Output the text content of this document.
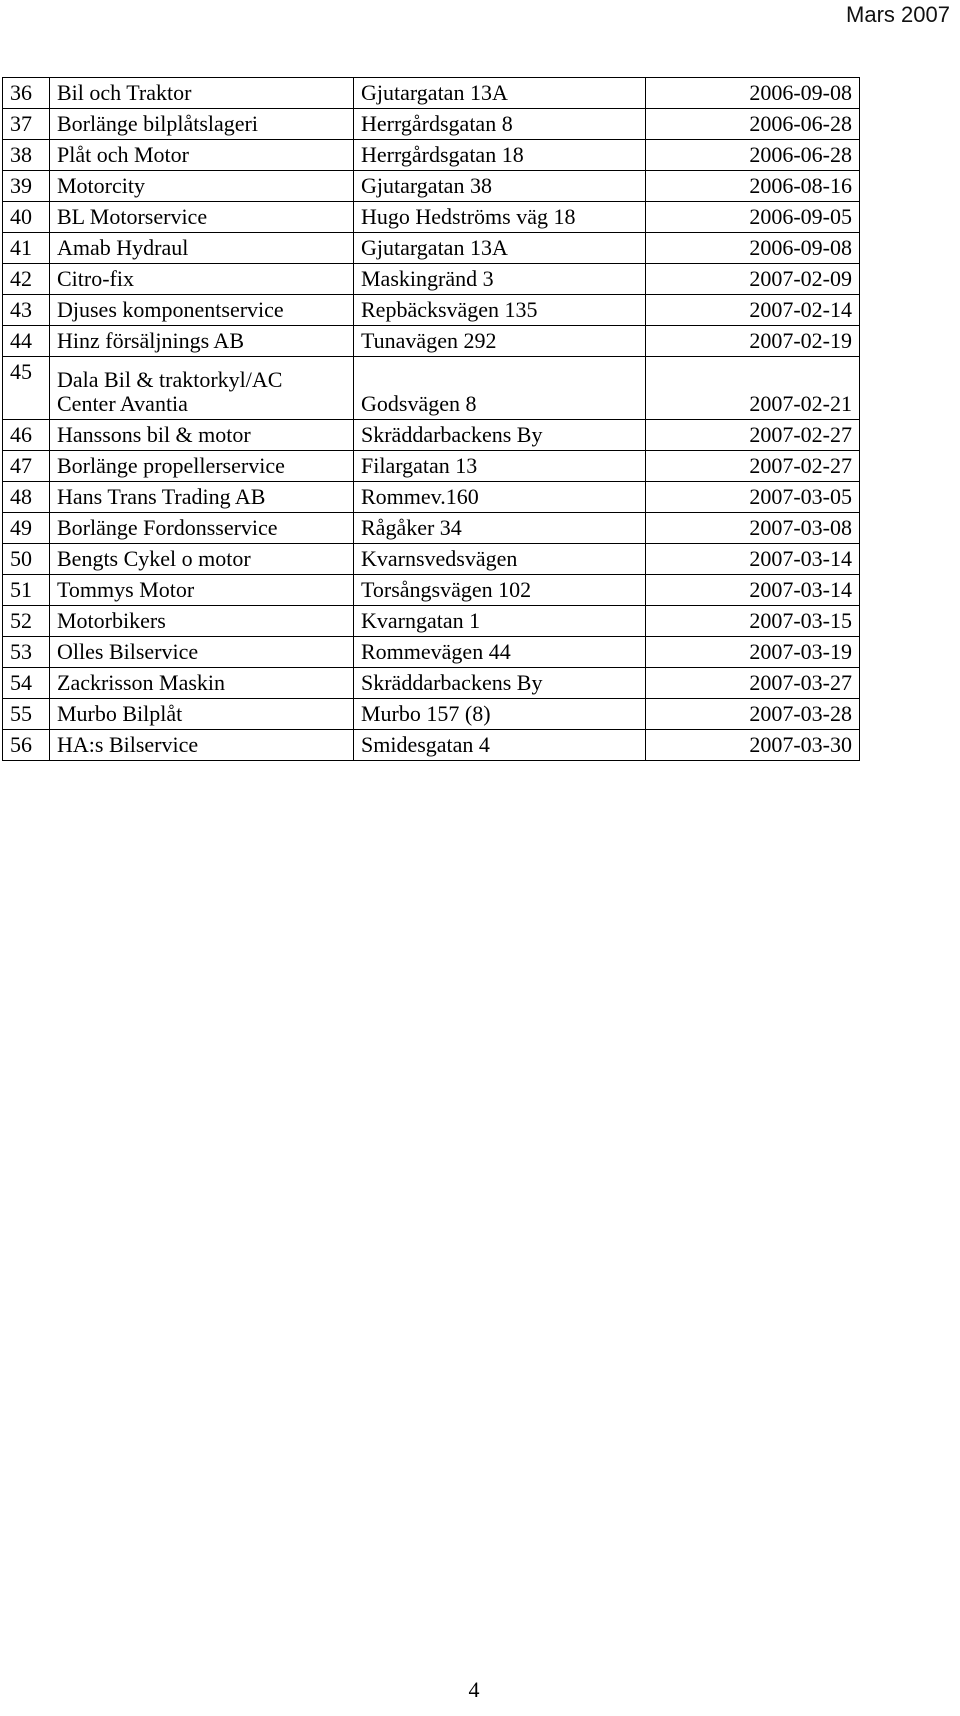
Mars 2007
36	Bil och Traktor	Gjutargatan 13A	2006-09-08
37	Borlänge bilplåtslageri	Herrgårdsgatan 8	2006-06-28
38	Plåt och Motor	Herrgårdsgatan 18	2006-06-28
39	Motorcity	Gjutargatan 38	2006-08-16
40	BL Motorservice	Hugo Hedströms väg 18	2006-09-05
41	Amab Hydraul	Gjutargatan 13A	2006-09-08
42	Citro-fix	Maskingränd 3	2007-02-09
43	Djuses komponentservice	Repbäcksvägen 135	2007-02-14
44	Hinz försäljnings AB	Tunavägen 292	2007-02-19
45	Dala Bil & traktorkyl/AC
Center Avantia	Godsvägen 8	2007-02-21
46	Hanssons bil & motor	Skräddarbackens By	2007-02-27
47	Borlänge propellerservice	Filargatan 13	2007-02-27
48	Hans Trans Trading AB	Rommev.160	2007-03-05
49	Borlänge Fordonsservice	Rågåker 34	2007-03-08
50	Bengts Cykel o motor	Kvarnsvedsvägen	2007-03-14
51	Tommys Motor	Torsångsvägen 102	2007-03-14
52	Motorbikers	Kvarngatan 1	2007-03-15
53	Olles Bilservice	Rommevägen 44	2007-03-19
54	Zackrisson Maskin	Skräddarbackens By	2007-03-27
55	Murbo Bilplåt	Murbo 157 (8)	2007-03-28
56	HA:s Bilservice	Smidesgatan 4	2007-03-30
4
